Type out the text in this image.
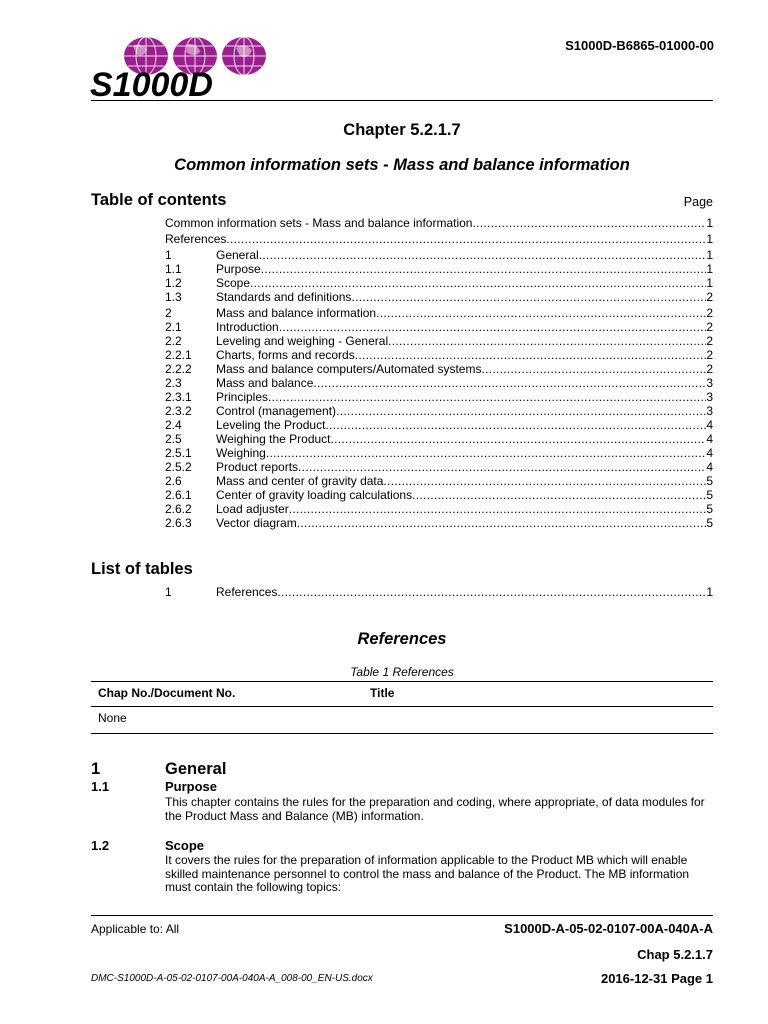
S1000D
S1000D-B6865-01000-00
Chapter 5.2.1.7
Common information sets - Mass and balance information
Table of contents	Page
Common information sets - Mass and balance information .....	1
References .....	1
1	General .....	1
1.1	Purpose .....	1
1.2	Scope .....	1
1.3	Standards and definitions .....	2
2	Mass and balance information .....	2
2.1	Introduction .....	2
2.2	Leveling and weighing - General .....	2
2.2.1	Charts, forms and records .....	2
2.2.2	Mass and balance computers/Automated systems .....	2
2.3	Mass and balance .....	3
2.3.1	Principles .....	3
2.3.2	Control (management) .....	3
2.4	Leveling the Product .....	4
2.5	Weighing the Product .....	4
2.5.1	Weighing .....	4
2.5.2	Product reports .....	4
2.6	Mass and center of gravity data .....	5
2.6.1	Center of gravity loading calculations .....	5
2.6.2	Load adjuster .....	5
2.6.3	Vector diagram .....	5
List of tables
1	References .....	1
References
Table 1 References
Chap No./Document No.	Title
None
1	General
1.1	Purpose
This chapter contains the rules for the preparation and coding, where appropriate, of data modules for the Product Mass and Balance (MB) information.
1.2	Scope
It covers the rules for the preparation of information applicable to the Product MB which will enable skilled maintenance personnel to control the mass and balance of the Product. The MB information must contain the following topics:
Applicable to: All	S1000D-A-05-02-0107-00A-040A-A
Chap 5.2.1.7
DMC-S1000D-A-05-02-0107-00A-040A-A_008-00_EN-US.docx	2016-12-31 Page 1
